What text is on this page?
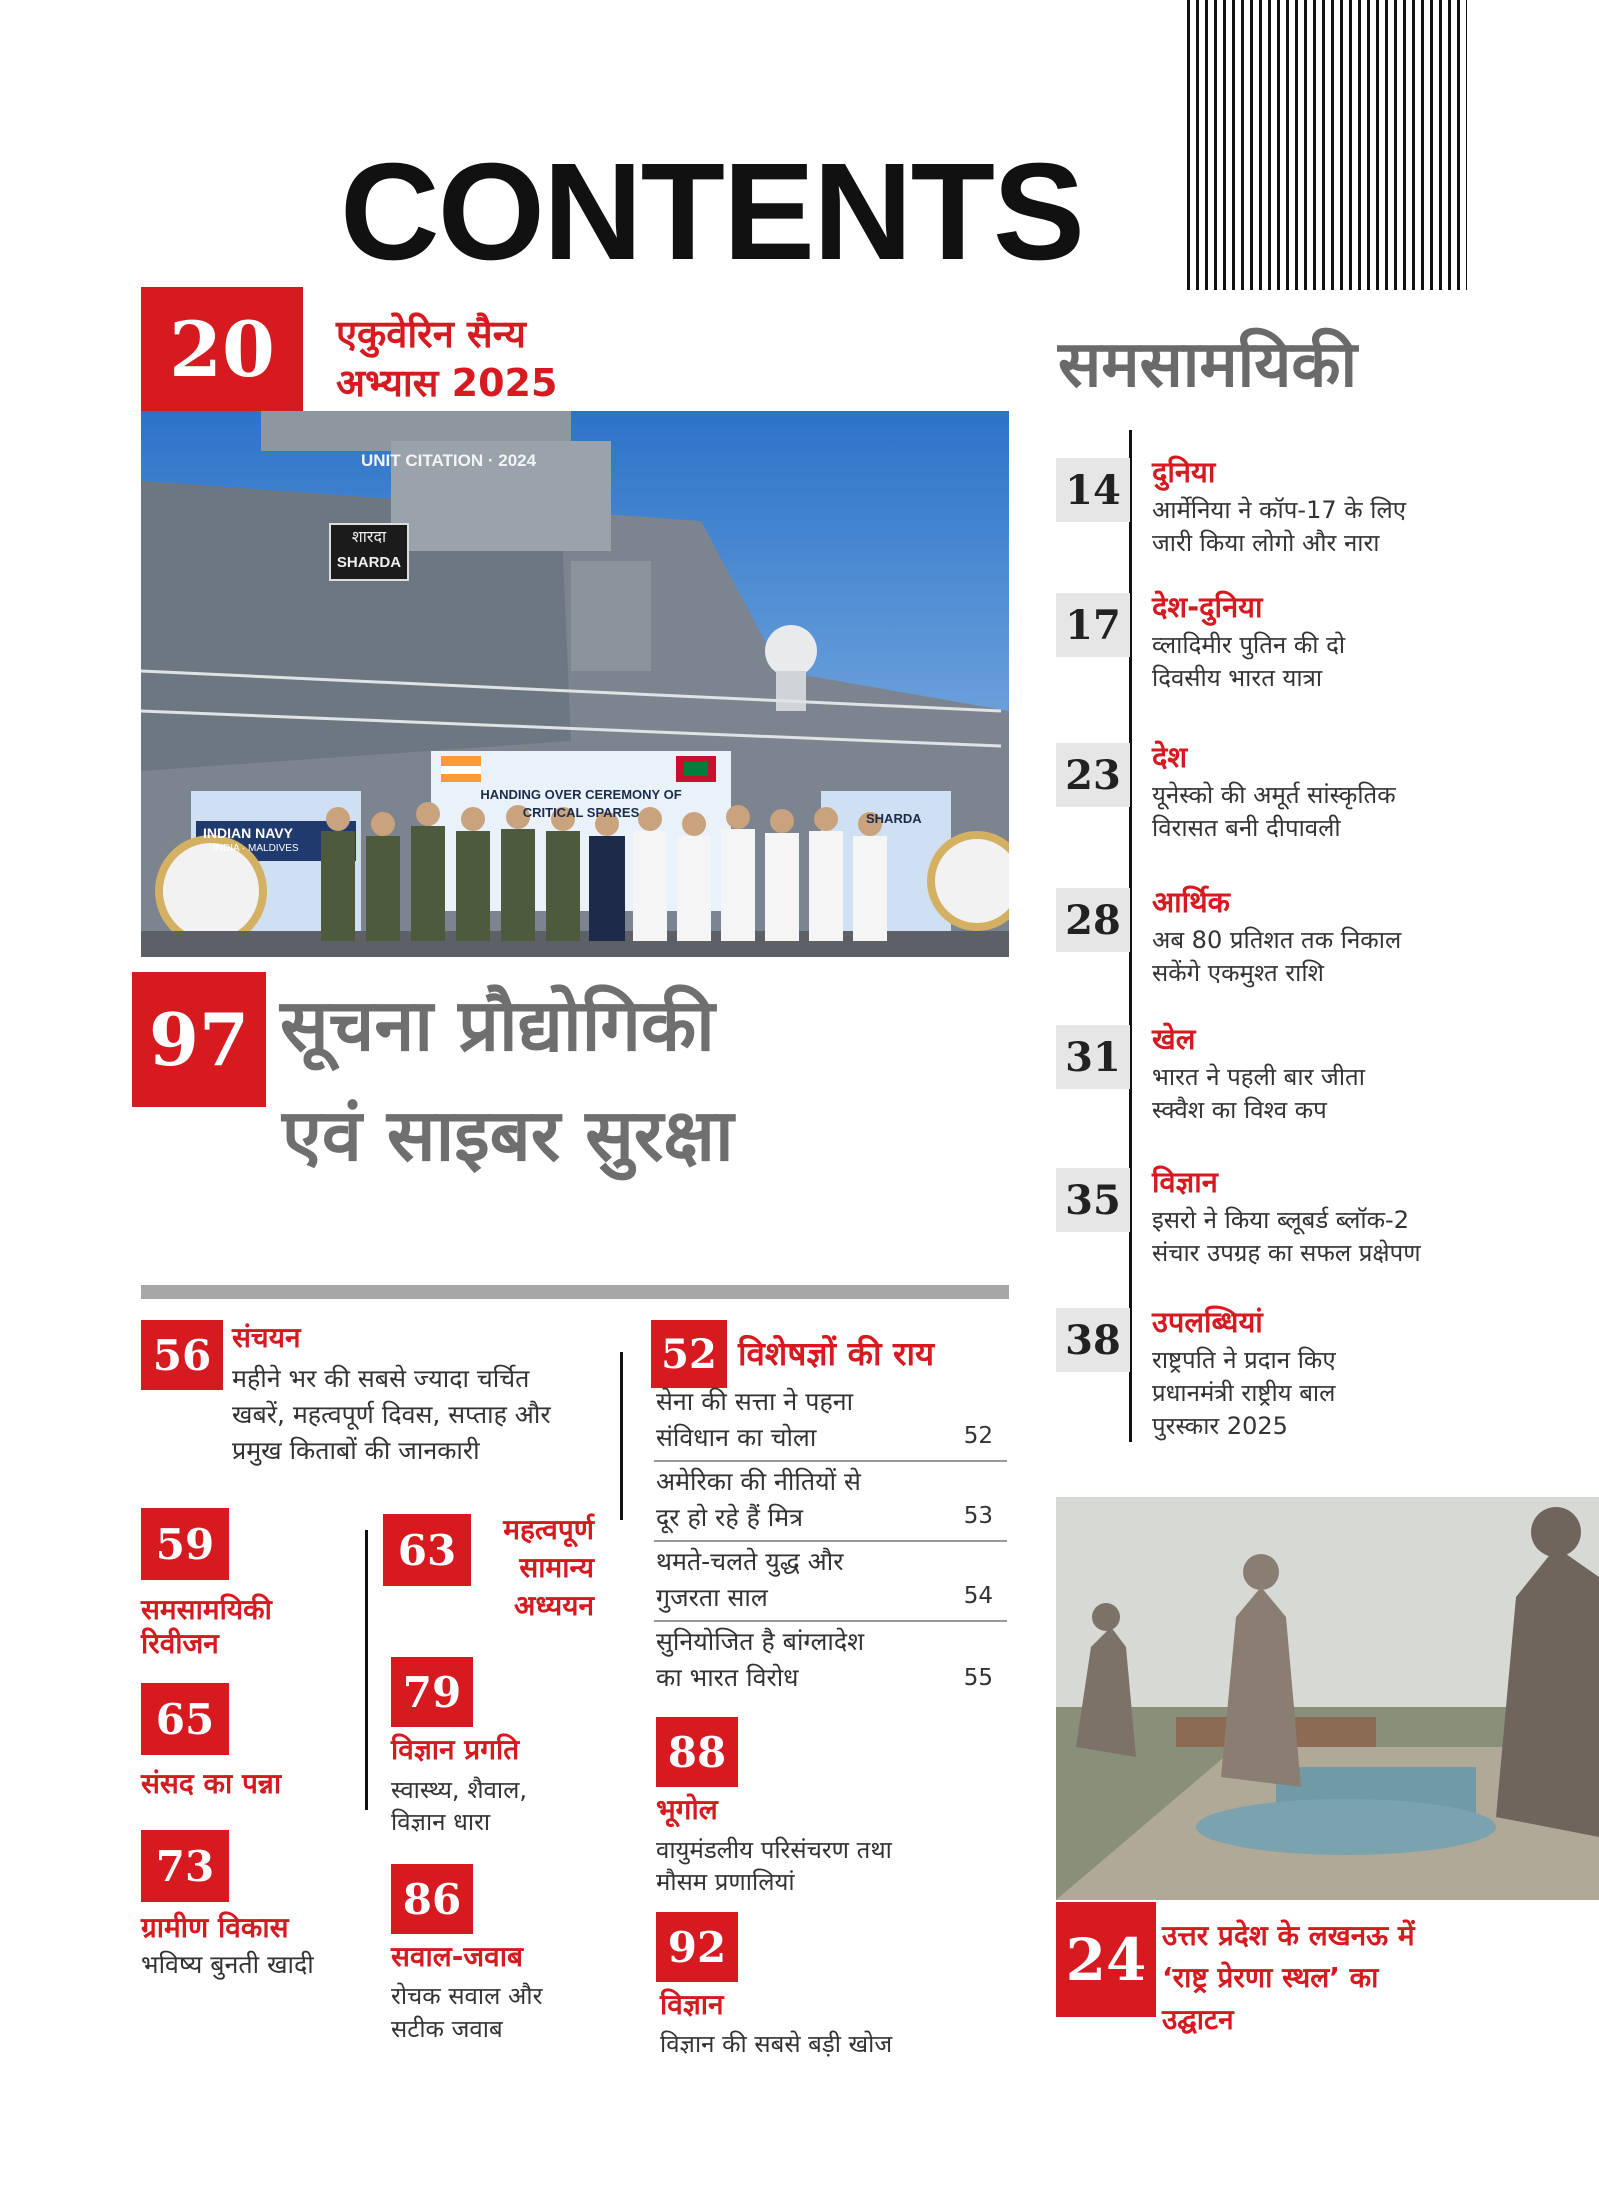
CONTENTS
20	एकुवेरिन सैन्य
अभ्यास 2025
UNIT CITATION · 2024
शारदा
SHARDA
HANDING OVER CEREMONY OF
CRITICAL SPARES
INDIAN NAVY
INDIA · MALDIVES
SHARDA
97 सूचना प्रौद्योगिकी
एवं साइबर सुरक्षा
समसामयिकी
14	दुनिया
आर्मेनिया ने कॉप-17 के लिए
जारी किया लोगो और नारा
17	देश-दुनिया
व्लादिमीर पुतिन की दो
दिवसीय भारत यात्रा
23	देश
यूनेस्को की अमूर्त सांस्कृतिक
विरासत बनी दीपावली
28	आर्थिक
अब 80 प्रतिशत तक निकाल
सकेंगे एकमुश्त राशि
31	खेल
भारत ने पहली बार जीता
स्क्वैश का विश्व कप
35	विज्ञान
इसरो ने किया ब्लूबर्ड ब्लॉक-2
संचार उपग्रह का सफल प्रक्षेपण
38	उपलब्धियां
राष्ट्रपति ने प्रदान किए
प्रधानमंत्री राष्ट्रीय बाल
पुरस्कार 2025
56 संचयन
महीने भर की सबसे ज्यादा चर्चित
खबरें, महत्वपूर्ण दिवस, सप्ताह और
प्रमुख किताबों की जानकारी
59
समसामयिकी
रिवीजन
65
संसद का पन्ना
73
ग्रामीण विकास
भविष्य बुनती खादी
63	महत्वपूर्ण
सामान्य
अध्ययन
79
विज्ञान प्रगति
स्वास्थ्य, शैवाल,
विज्ञान धारा
86
सवाल-जवाब
रोचक सवाल और
सटीक जवाब
52 विशेषज्ञों की राय
सेना की सत्ता ने पहना
संविधान का चोला	52
अमेरिका की नीतियों से
दूर हो रहे हैं मित्र	53
थमते-चलते युद्ध और
गुजरता साल	54
सुनियोजित है बांग्लादेश
का भारत विरोध	55
88
भूगोल
वायुमंडलीय परिसंचरण तथा
मौसम प्रणालियां
92
विज्ञान
विज्ञान की सबसे बड़ी खोज
24 उत्तर प्रदेश के लखनऊ में
‘राष्ट्र प्रेरणा स्थल’ का
उद्घाटन
